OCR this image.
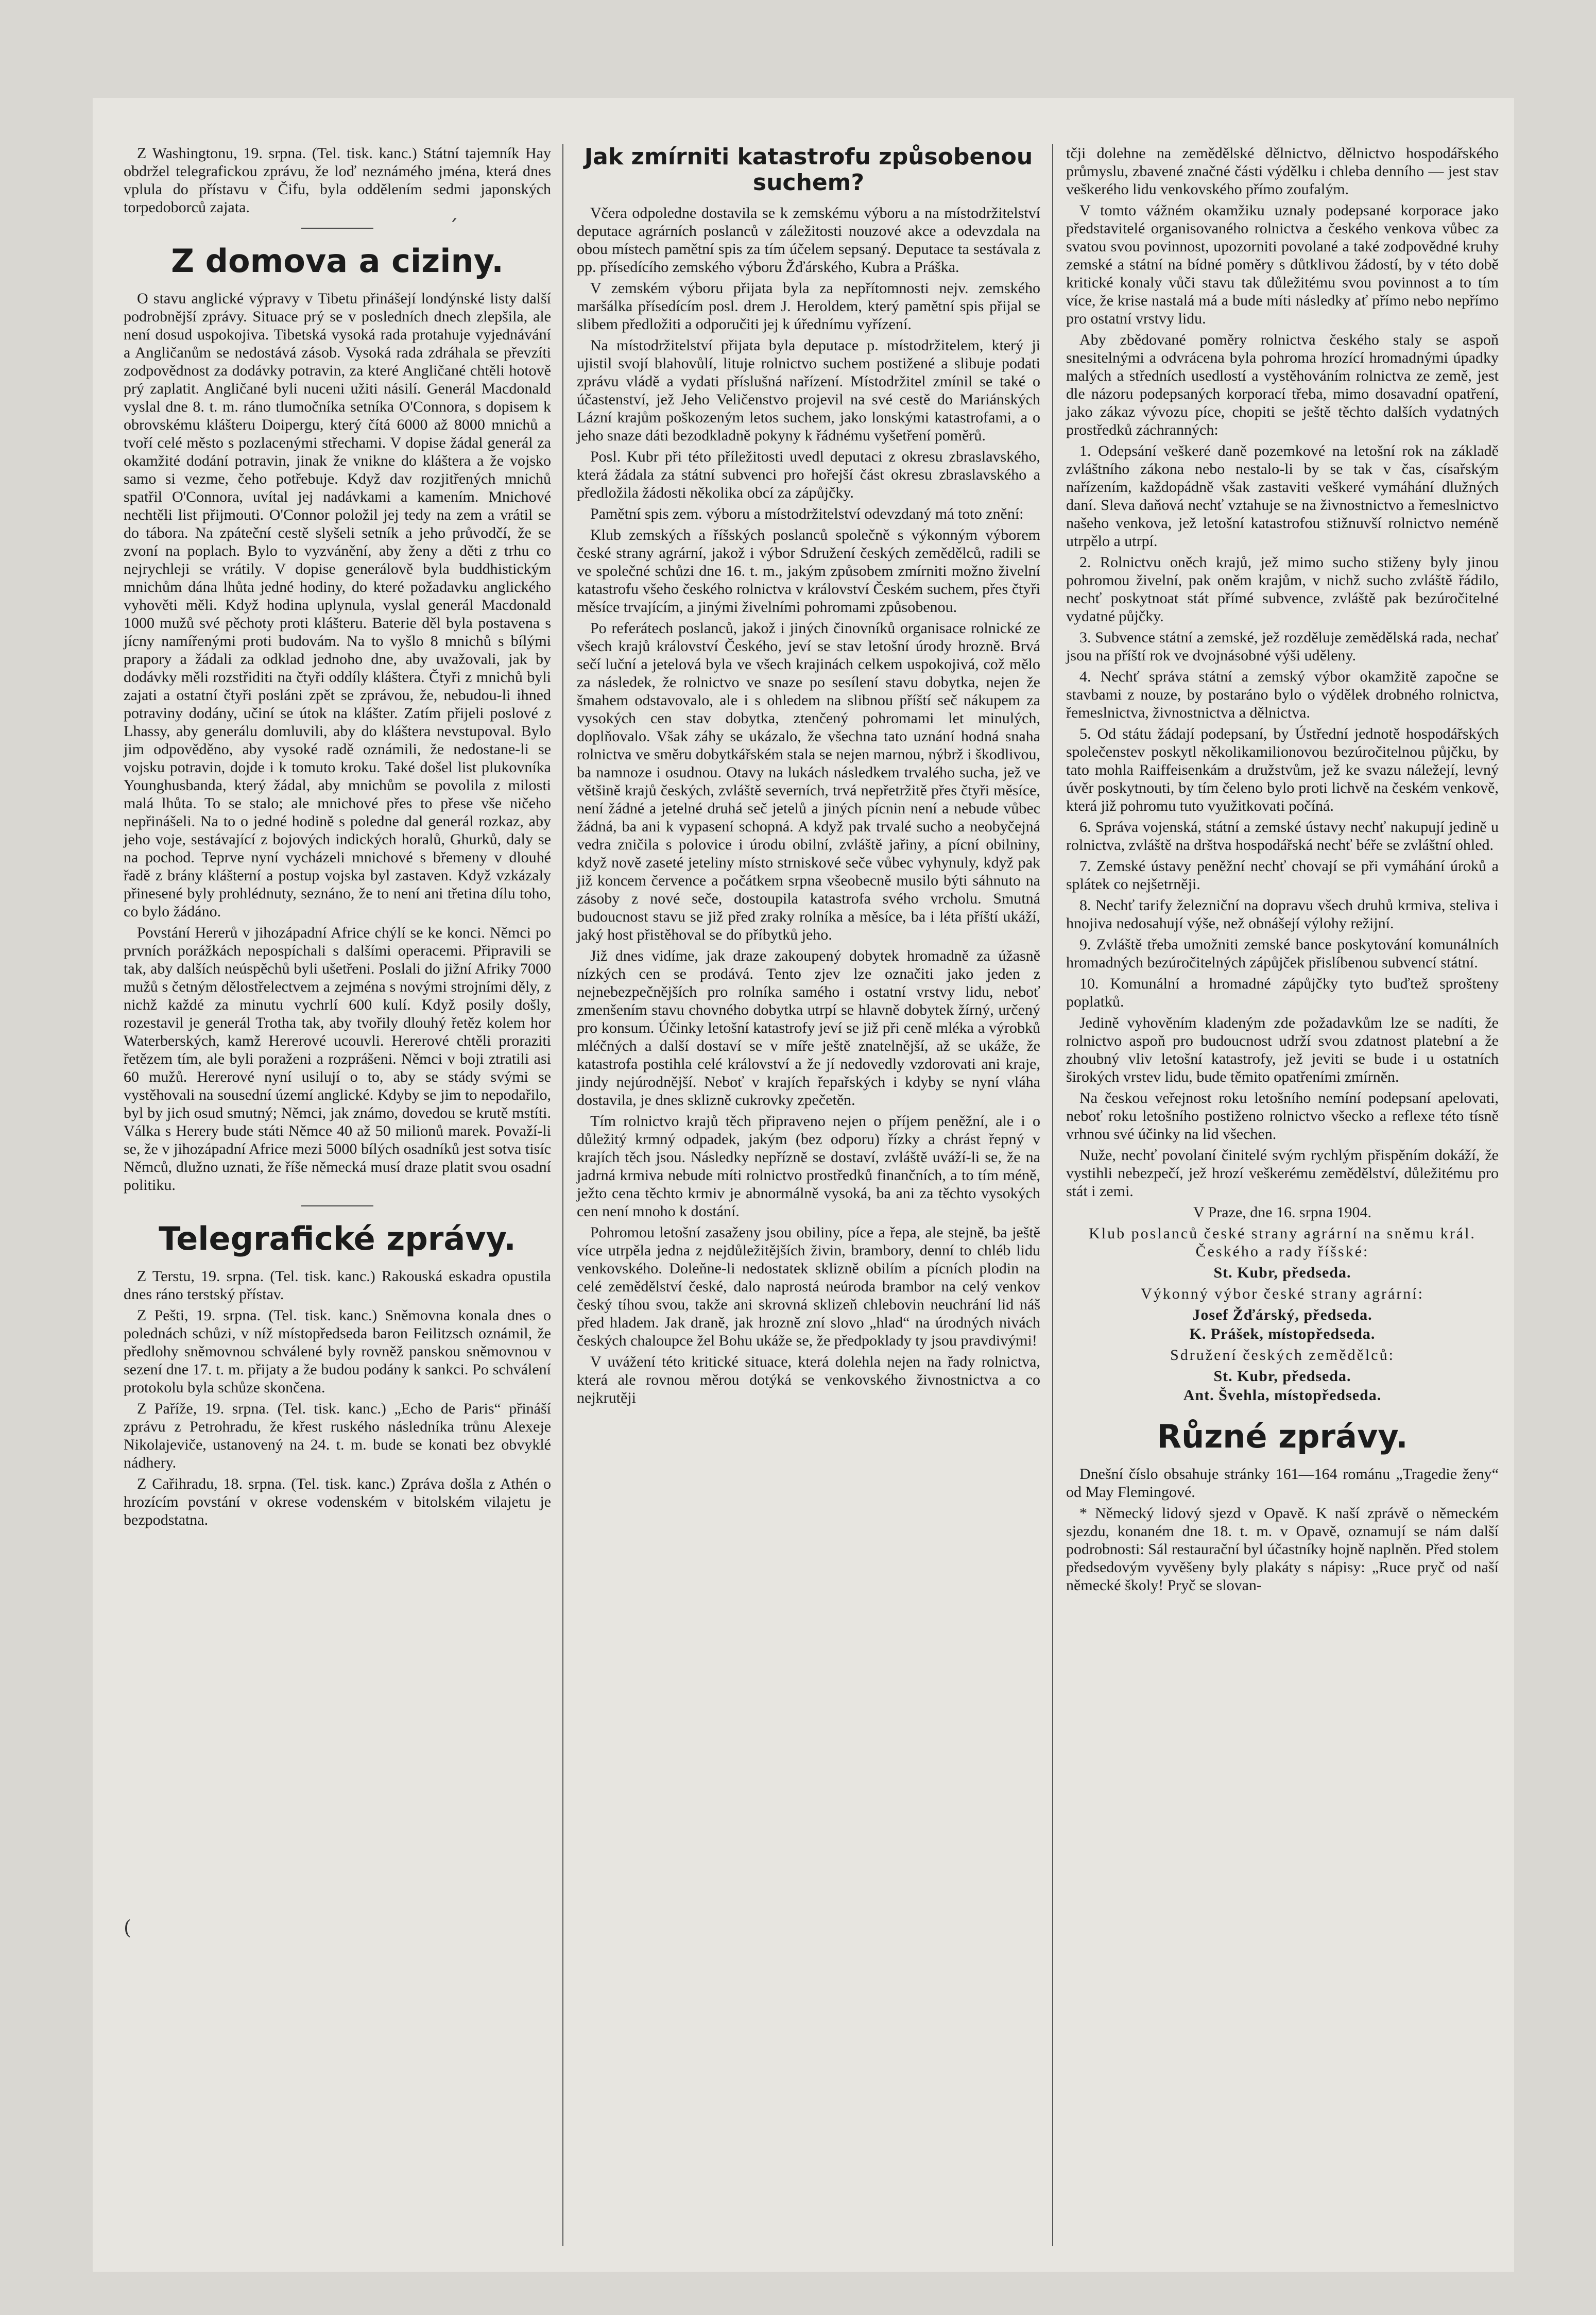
´

Z Washingtonu, 19. srpna. (Tel. tisk. kanc.) Státní tajemník Hay obdržel telegrafickou zprávu, že loď neznámého jména, která dnes vplula do přístavu v Čifu, byla oddělením sedmi japonských torpedoborců zajata.

Z domova a ciziny.

O stavu anglické výpravy v Tibetu přinášejí londýnské listy další podrobnější zprávy. Situace prý se v posledních dnech zlepšila, ale není dosud uspokojiva. Tibetská vysoká rada protahuje vyjednávání a Angličanům se nedostává zásob. Vysoká rada zdráhala se převzíti zodpovědnost za dodávky potravin, za které Angličané chtěli hotově prý zaplatit. Angličané byli nuceni užiti násilí. Generál Macdonald vyslal dne 8. t. m. ráno tlumočníka setníka O'Connora, s dopisem k obrovskému klášteru Doipergu, který čítá 6000 až 8000 mnichů a tvoří celé město s pozlacenými střechami. V dopise žádal generál za okamžité dodání potravin, jinak že vnikne do kláštera a že vojsko samo si vezme, čeho potřebuje. Když dav rozjitřených mnichů spatřil O'Connora, uvítal jej nadávkami a kamením. Mnichové nechtěli list přijmouti. O'Connor položil jej tedy na zem a vrátil se do tábora. Na zpáteční cestě slyšeli setník a jeho průvodčí, že se zvoní na poplach. Bylo to vyzvánění, aby ženy a děti z trhu co nejrychleji se vrátily. V dopise generálově byla buddhistickým mnichům dána lhůta jedné hodiny, do které požadavku anglického vyhověti měli. Když hodina uplynula, vyslal generál Macdonald 1000 mužů své pěchoty proti klášteru. Baterie děl byla postavena s jícny namířenými proti budovám. Na to vyšlo 8 mnichů s bílými prapory a žádali za odklad jednoho dne, aby uvažovali, jak by dodávky měli rozstřiditi na čtyři oddíly kláštera. Čtyři z mnichů byli zajati a ostatní čtyři posláni zpět se zprávou, že, nebudou-li ihned potraviny dodány, učiní se útok na klášter. Zatím přijeli poslové z Lhassy, aby generálu domluvili, aby do kláštera nevstupoval. Bylo jim odpověděno, aby vysoké radě oznámili, že nedostane-li se vojsku potravin, dojde i k tomuto kroku. Také došel list plukovníka Younghusbanda, který žádal, aby mnichům se povolila z milosti malá lhůta. To se stalo; ale mnichové přes to přese vše ničeho nepřinášeli. Na to o jedné hodině s poledne dal generál rozkaz, aby jeho voje, sestávající z bojových indických horalů, Ghurků, daly se na pochod. Teprve nyní vycházeli mnichové s břemeny v dlouhé řadě z brány klášterní a postup vojska byl zastaven. Když vzkázaly přinesené byly prohlédnuty, seznáno, že to není ani třetina dílu toho, co bylo žádáno.

Povstání Hererů v jihozápadní Africe chýlí se ke konci. Němci po prvních porážkách nepospíchali s dalšími operacemi. Připravili se tak, aby dalších neúspěchů byli ušetřeni. Poslali do jižní Afriky 7000 mužů s četným dělostřelectvem a zejména s novými strojními děly, z nichž každé za minutu vychrlí 600 kulí. Když posily došly, rozestavil je generál Trotha tak, aby tvořily dlouhý řetěz kolem hor Waterberských, kamž Hererové ucouvli. Hererové chtěli proraziti řetězem tím, ale byli poraženi a rozprášeni. Němci v boji ztratili asi 60 mužů. Hererové nyní usilují o to, aby se stády svými se vystěhovali na sousední území anglické. Kdyby se jim to nepodařilo, byl by jich osud smutný; Němci, jak známo, dovedou se krutě mstíti. Válka s Herery bude státi Němce 40 až 50 milionů marek. Považí-li se, že v jihozápadní Africe mezi 5000 bílých osadníků jest sotva tisíc Němců, dlužno uznati, že říše německá musí draze platit svou osadní politiku.

Telegrafické zprávy.

Z Terstu, 19. srpna. (Tel. tisk. kanc.) Rakouská eskadra opustila dnes ráno terstský přístav.

Z Pešti, 19. srpna. (Tel. tisk. kanc.) Sněmovna konala dnes o polednách schůzi, v níž místopředseda baron Feilitzsch oznámil, že předlohy sněmovnou schválené byly rovněž panskou sněmovnou v sezení dne 17. t. m. přijaty a že budou podány k sankci. Po schválení protokolu byla schůze skončena.

Z Paříže, 19. srpna. (Tel. tisk. kanc.) „Echo de Paris“ přináší zprávu z Petrohradu, že křest ruského následníka trůnu Alexeje Nikolajeviče, ustanovený na 24. t. m. bude se konati bez obvyklé nádhery.

Z Cařihradu, 18. srpna. (Tel. tisk. kanc.) Zpráva došla z Athén o hrozícím povstání v okrese vodenském v bitolském vilajetu je bezpodstatna.

Jak zmírniti katastrofu způsobenou suchem?

Včera odpoledne dostavila se k zemskému výboru a na místodržitelství deputace agrárních poslanců v záležitosti nouzové akce a odevzdala na obou místech pamětní spis za tím účelem sepsaný. Deputace ta sestávala z pp. přísedícího zemského výboru Žďárského, Kubra a Práška.

V zemském výboru přijata byla za nepřítomnosti nejv. zemského maršálka přísedícím posl. drem J. Heroldem, který pamětní spis přijal se slibem předložiti a odporučiti jej k úřednímu vyřízení.

Na místodržitelství přijata byla deputace p. místodržitelem, který ji ujistil svojí blahovůlí, lituje rolnictvo suchem postižené a slibuje podati zprávu vládě a vydati příslušná nařízení. Místodržitel zmínil se také o účastenství, jež Jeho Veličenstvo projevil na své cestě do Mariánských Lázní krajům poškozeným letos suchem, jako lonskými katastrofami, a o jeho snaze dáti bezodkladně pokyny k řádnému vyšetření poměrů.

Posl. Kubr při této příležitosti uvedl deputaci z okresu zbraslavského, která žádala za státní subvenci pro hořejší část okresu zbraslavského a předložila žádosti několika obcí za zápůjčky.

Pamětní spis zem. výboru a místodržitelství odevzdaný má toto znění:

Klub zemských a říšských poslanců společně s výkonným výborem české strany agrární, jakož i výbor Sdružení českých zemědělců, radili se ve společné schůzi dne 16. t. m., jakým způsobem zmírniti možno živelní katastrofu všeho českého rolnictva v království Českém suchem, přes čtyři měsíce trvajícím, a jinými živelními pohromami způsobenou.

Po referátech poslanců, jakož i jiných činovníků organisace rolnické ze všech krajů království Českého, jeví se stav letošní úrody hrozně. Brvá sečí luční a jetelová byla ve všech krajinách celkem uspokojivá, což mělo za následek, že rolnictvo ve snaze po sesílení stavu dobytka, nejen že šmahem odstavovalo, ale i s ohledem na slibnou příští seč nákupem za vysokých cen stav dobytka, ztenčený pohromami let minulých, doplňovalo. Však záhy se ukázalo, že všechna tato uznání hodná snaha rolnictva ve směru dobytkářském stala se nejen marnou, nýbrž i škodlivou, ba namnoze i osudnou. Otavy na lukách následkem trvalého sucha, jež ve většině krajů českých, zvláště severních, trvá nepřetržitě přes čtyři měsíce, není žádné a jetelné druhá seč jetelů a jiných pícnin není a nebude vůbec žádná, ba ani k vypasení schopná. A když pak trvalé sucho a neobyčejná vedra zničila s polovice i úrodu obilní, zvláště jařiny, a pícní obilniny, když nově zaseté jeteliny místo strniskové seče vůbec vyhynuly, když pak již koncem července a počátkem srpna všeobecně musilo býti sáhnuto na zásoby z nové seče, dostoupila katastrofa svého vrcholu. Smutná budoucnost stavu se již před zraky rolníka a měsíce, ba i léta příští ukáží, jaký host přistěhoval se do příbytků jeho.

Již dnes vidíme, jak draze zakoupený dobytek hromadně za úžasně nízkých cen se prodává. Tento zjev lze označiti jako jeden z nejnebezpečnějších pro rolníka samého i ostatní vrstvy lidu, neboť zmenšením stavu chovného dobytka utrpí se hlavně dobytek žírný, určený pro konsum. Účinky letošní katastrofy jeví se již při ceně mléka a výrobků mléčných a další dostaví se v míře ještě znatelnější, až se ukáže, že katastrofa postihla celé království a že jí nedovedly vzdorovati ani kraje, jindy nejúrodnější. Neboť v krajích řepařských i kdyby se nyní vláha dostavila, je dnes sklizně cukrovky zpečetěn.

Tím rolnictvo krajů těch připraveno nejen o příjem peněžní, ale i o důležitý krmný odpadek, jakým (bez odporu) řízky a chrást řepný v krajích těch jsou. Následky nepřízně se dostaví, zvláště uváží-li se, že na jadrná krmiva nebude míti rolnictvo prostředků finančních, a to tím méně, ježto cena těchto krmiv je abnormálně vysoká, ba ani za těchto vysokých cen není mnoho k dostání.

Pohromou letošní zasaženy jsou obiliny, píce a řepa, ale stejně, ba ještě více utrpěla jedna z nejdůležitějších živin, brambory, denní to chléb lidu venkovského. Doleňne-li nedostatek sklizně obilím a pícních plodin na celé zemědělství české, dalo naprostá neúroda brambor na celý venkov český tíhou svou, takže ani skrovná sklizeň chlebovin neuchrání lid náš před hladem. Jak draně, jak hrozně zní slovo „hlad“ na úrodných nivách českých chaloupce žel Bohu ukáže se, že předpoklady ty jsou pravdivými!

V uvážení této kritické situace, která dolehla nejen na řady rolnictva, která ale rovnou měrou dotýká se venkovského živnostnictva a co nejkrutěji

tčji dolehne na zemědělské dělnictvo, dělnictvo hospodářského průmyslu, zbavené značné části výdělku i chleba denního — jest stav veškerého lidu venkovského přímo zoufalým.

V tomto vážném okamžiku uznaly podepsané korporace jako představitelé organisovaného rolnictva a českého venkova vůbec za svatou svou povinnost, upozorniti povolané a také zodpovědné kruhy zemské a státní na bídné poměry s důtklivou žádostí, by v této době kritické konaly vůči stavu tak důležitému svou povinnost a to tím více, že krise nastalá má a bude míti následky ať přímo nebo nepřímo pro ostatní vrstvy lidu.

Aby zbědované poměry rolnictva českého staly se aspoň snesitelnými a odvrácena byla pohroma hrozící hromadnými úpadky malých a středních usedlostí a vystěhováním rolnictva ze země, jest dle názoru podepsaných korporací třeba, mimo dosavadní opatření, jako zákaz vývozu píce, chopiti se ještě těchto dalších vydatných prostředků záchranných:

1. Odepsání veškeré daně pozemkové na letošní rok na základě zvláštního zákona nebo nestalo-li by se tak v čas, císařským nařízením, každopádně však zastaviti veškeré vymáhání dlužných daní. Sleva daňová nechť vztahuje se na živnostnictvo a řemeslnictvo našeho venkova, jež letošní katastrofou stižnuvší rolnictvo neméně utrpělo a utrpí.

2. Rolnictvu oněch krajů, jež mimo sucho stiženy byly jinou pohromou živelní, pak oněm krajům, v nichž sucho zvláště řádilo, nechť poskytnoat stát přímé subvence, zvláště pak bezúročitelné vydatné půjčky.

3. Subvence státní a zemské, jež rozděluje zemědělská rada, nechať jsou na příští rok ve dvojnásobné výši uděleny.

4. Nechť správa státní a zemský výbor okamžitě započne se stavbami z nouze, by postaráno bylo o výdělek drobného rolnictva, řemeslnictva, živnostnictva a dělnictva.

5. Od státu žádají podepsaní, by Ústřední jednotě hospodářských společenstev poskytl několikamilionovou bezúročitelnou půjčku, by tato mohla Raiffeisenkám a družstvům, jež ke svazu náležejí, levný úvěr poskytnouti, by tím čeleno bylo proti lichvě na českém venkově, která již pohromu tuto využitkovati počíná.

6. Správa vojenská, státní a zemské ústavy nechť nakupují jedině u rolnictva, zvláště na drštva hospodářská nechť béře se zvláštní ohled.

7. Zemské ústavy peněžní nechť chovají se při vymáhání úroků a splátek co nejšetrněji.

8. Nechť tarify železniční na dopravu všech druhů krmiva, steliva i hnojiva nedosahují výše, než obnášejí výlohy režijní.

9. Zvláště třeba umožniti zemské bance poskytování komunálních hromadných bezúročitelných zápůjček přislíbenou subvencí státní.

10. Komunální a hromadné zápůjčky tyto buďtež sprošteny poplatků.

Jedině vyhověním kladeným zde požadavkům lze se nadíti, že rolnictvo aspoň pro budoucnost udrží svou zdatnost platební a že zhoubný vliv letošní katastrofy, jež jeviti se bude i u ostatních širokých vrstev lidu, bude těmito opatřeními zmírněn.

Na českou veřejnost roku letošního nemíní podepsaní apelovati, neboť roku letošního postiženo rolnictvo všecko a reflexe této tísně vrhnou své účinky na lid všechen.

Nuže, nechť povolaní činitelé svým rychlým přispěním dokáží, že vystihli nebezpečí, jež hrozí veškerému zemědělství, důležitému pro stát i zemi.

V Praze, dne 16. srpna 1904.

Klub poslanců české strany agrární na sněmu král. Českého a rady říšské:

St. Kubr, předseda.

Výkonný výbor české strany agrární:

Josef Žďárský, předseda.

K. Prášek, místopředseda.

Sdružení českých zemědělců:

St. Kubr, předseda.

Ant. Švehla, místopředseda.

Různé zprávy.

Dnešní číslo obsahuje stránky 161—164 románu „Tragedie ženy“ od May Flemingové.

* Německý lidový sjezd v Opavě. K naší zprávě o německém sjezdu, konaném dne 18. t. m. v Opavě, oznamují se nám další podrobnosti: Sál restaurační byl účastníky hojně naplněn. Před stolem předsedovým vyvěšeny byly plakáty s nápisy: „Ruce pryč od naší německé školy! Pryč se slovan-

(
